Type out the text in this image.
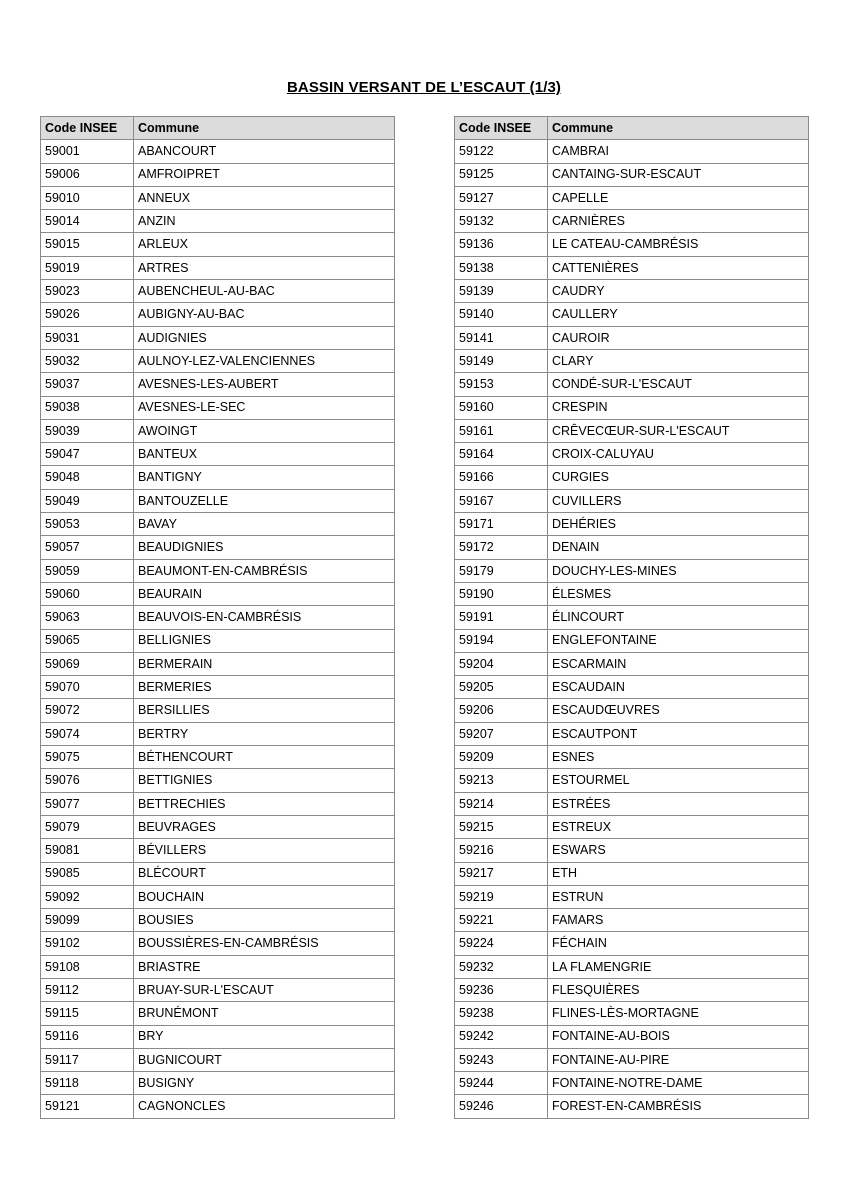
BASSIN VERSANT DE L’ESCAUT (1/3)
Code INSEE	Commune
59001	ABANCOURT
59006	AMFROIPRET
59010	ANNEUX
59014	ANZIN
59015	ARLEUX
59019	ARTRES
59023	AUBENCHEUL-AU-BAC
59026	AUBIGNY-AU-BAC
59031	AUDIGNIES
59032	AULNOY-LEZ-VALENCIENNES
59037	AVESNES-LES-AUBERT
59038	AVESNES-LE-SEC
59039	AWOINGT
59047	BANTEUX
59048	BANTIGNY
59049	BANTOUZELLE
59053	BAVAY
59057	BEAUDIGNIES
59059	BEAUMONT-EN-CAMBRÉSIS
59060	BEAURAIN
59063	BEAUVOIS-EN-CAMBRÉSIS
59065	BELLIGNIES
59069	BERMERAIN
59070	BERMERIES
59072	BERSILLIES
59074	BERTRY
59075	BÉTHENCOURT
59076	BETTIGNIES
59077	BETTRECHIES
59079	BEUVRAGES
59081	BÉVILLERS
59085	BLÉCOURT
59092	BOUCHAIN
59099	BOUSIES
59102	BOUSSIÈRES-EN-CAMBRÉSIS
59108	BRIASTRE
59112	BRUAY-SUR-L'ESCAUT
59115	BRUNÉMONT
59116	BRY
59117	BUGNICOURT
59118	BUSIGNY
59121	CAGNONCLES
Code INSEE	Commune
59122	CAMBRAI
59125	CANTAING-SUR-ESCAUT
59127	CAPELLE
59132	CARNIÈRES
59136	LE CATEAU-CAMBRÉSIS
59138	CATTENIÈRES
59139	CAUDRY
59140	CAULLERY
59141	CAUROIR
59149	CLARY
59153	CONDÉ-SUR-L'ESCAUT
59160	CRESPIN
59161	CRÊVECŒUR-SUR-L'ESCAUT
59164	CROIX-CALUYAU
59166	CURGIES
59167	CUVILLERS
59171	DEHÉRIES
59172	DENAIN
59179	DOUCHY-LES-MINES
59190	ÉLESMES
59191	ÉLINCOURT
59194	ENGLEFONTAINE
59204	ESCARMAIN
59205	ESCAUDAIN
59206	ESCAUDŒUVRES
59207	ESCAUTPONT
59209	ESNES
59213	ESTOURMEL
59214	ESTRÉES
59215	ESTREUX
59216	ESWARS
59217	ETH
59219	ESTRUN
59221	FAMARS
59224	FÉCHAIN
59232	LA FLAMENGRIE
59236	FLESQUIÈRES
59238	FLINES-LÈS-MORTAGNE
59242	FONTAINE-AU-BOIS
59243	FONTAINE-AU-PIRE
59244	FONTAINE-NOTRE-DAME
59246	FOREST-EN-CAMBRÉSIS
